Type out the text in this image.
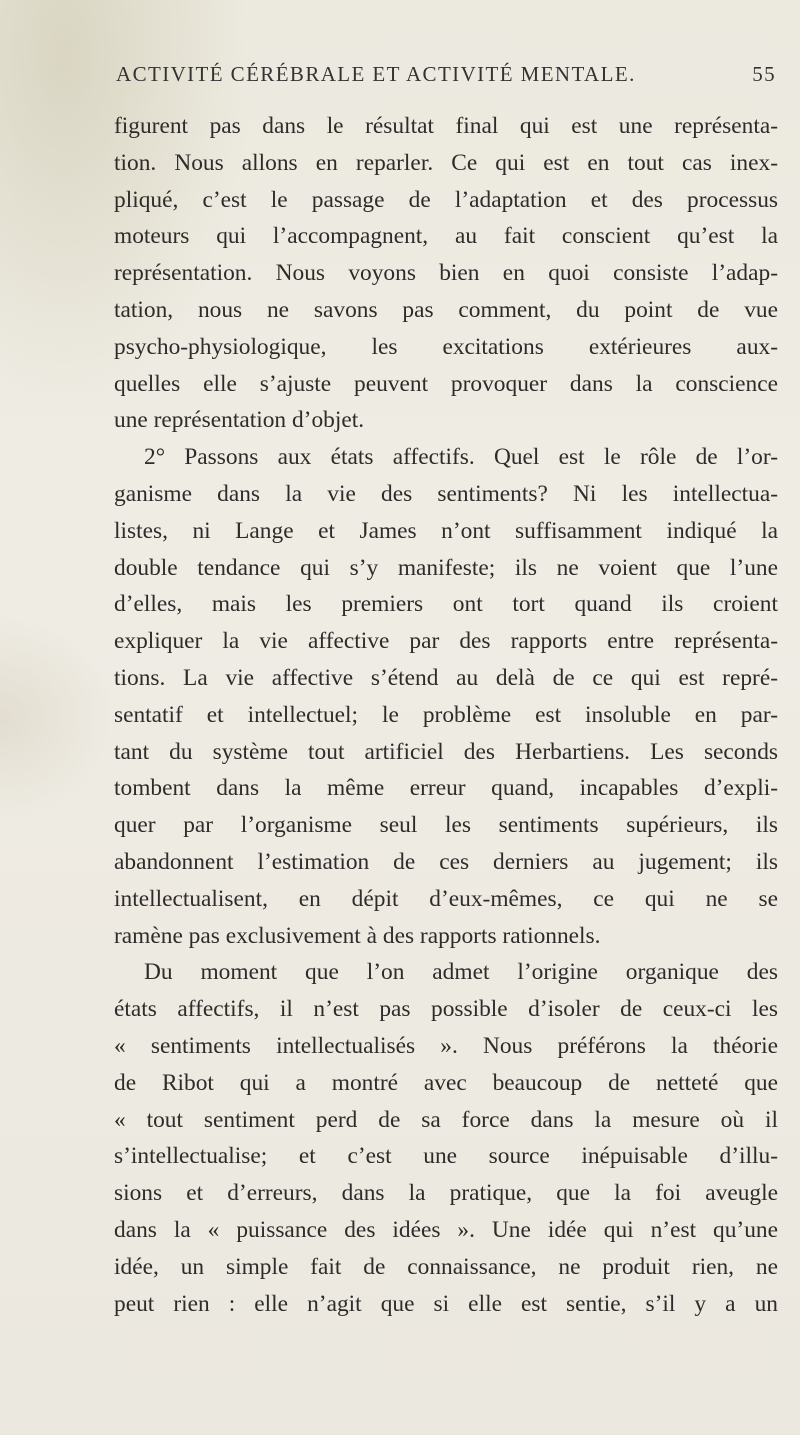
ACTIVITÉ CÉRÉBRALE ET ACTIVITÉ MENTALE.	55
figurent pas dans le résultat final qui est une représenta-
tion. Nous allons en reparler. Ce qui est en tout cas inex-
pliqué, c’est le passage de l’adaptation et des processus
moteurs qui l’accompagnent, au fait conscient qu’est la
représentation. Nous voyons bien en quoi consiste l’adap-
tation, nous ne savons pas comment, du point de vue
psycho-physiologique, les excitations extérieures aux-
quelles elle s’ajuste peuvent provoquer dans la conscience
une représentation d’objet.
2° Passons aux états affectifs. Quel est le rôle de l’or-
ganisme dans la vie des sentiments? Ni les intellectua-
listes, ni Lange et James n’ont suffisamment indiqué la
double tendance qui s’y manifeste; ils ne voient que l’une
d’elles, mais les premiers ont tort quand ils croient
expliquer la vie affective par des rapports entre représenta-
tions. La vie affective s’étend au delà de ce qui est repré-
sentatif et intellectuel; le problème est insoluble en par-
tant du système tout artificiel des Herbartiens. Les seconds
tombent dans la même erreur quand, incapables d’expli-
quer par l’organisme seul les sentiments supérieurs, ils
abandonnent l’estimation de ces derniers au jugement; ils
intellectualisent, en dépit d’eux-mêmes, ce qui ne se
ramène pas exclusivement à des rapports rationnels.
Du moment que l’on admet l’origine organique des
états affectifs, il n’est pas possible d’isoler de ceux-ci les
« sentiments intellectualisés ». Nous préférons la théorie
de Ribot qui a montré avec beaucoup de netteté que
« tout sentiment perd de sa force dans la mesure où il
s’intellectualise; et c’est une source inépuisable d’illu-
sions et d’erreurs, dans la pratique, que la foi aveugle
dans la « puissance des idées ». Une idée qui n’est qu’une
idée, un simple fait de connaissance, ne produit rien, ne
peut rien : elle n’agit que si elle est sentie, s’il y a un
